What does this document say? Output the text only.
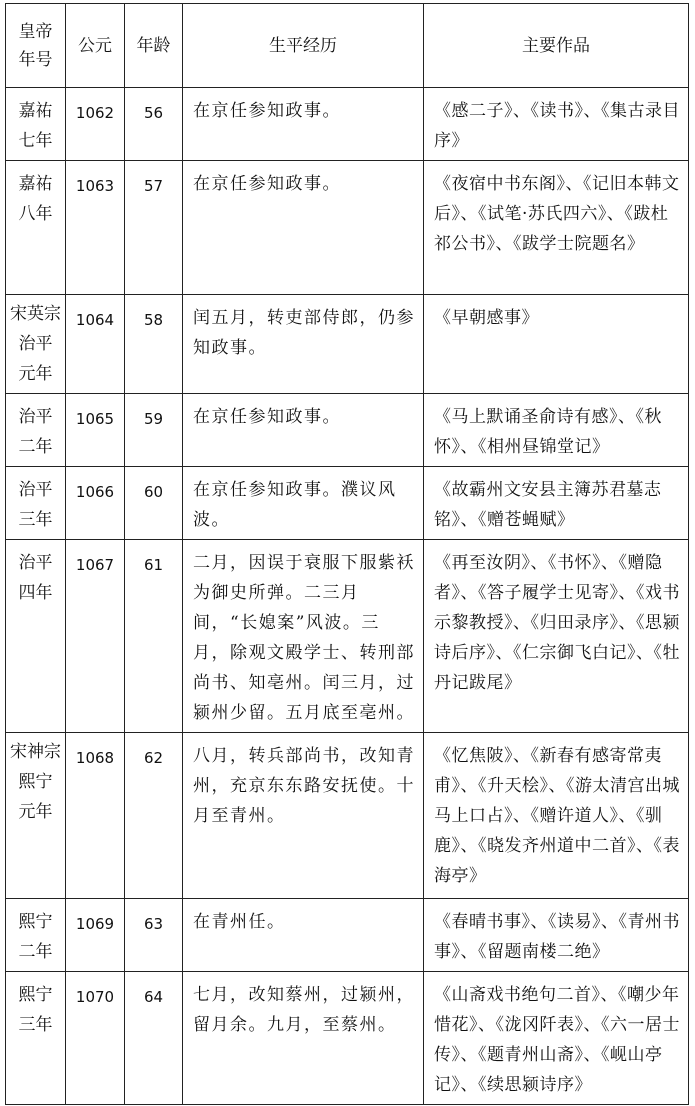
皇帝
年号	公元	年龄	生平经历	主要作品
嘉祐
七年	1062	56	在京任参知政事。	《感二子》、《读书》、《集古录目序》
嘉祐
八年	1063	57	在京任参知政事。	《夜宿中书东阁》、《记旧本韩文后》、《试笔·苏氏四六》、《跋杜祁公书》、《跋学士院题名》
宋英宗
治平
元年	1064	58	闰五月，转吏部侍郎，仍参知政事。	《早朝感事》
治平
二年	1065	59	在京任参知政事。	《马上默诵圣俞诗有感》、《秋怀》、《相州昼锦堂记》
治平
三年	1066	60	在京任参知政事。濮议风波。	《故霸州文安县主簿苏君墓志铭》、《赠苍蝇赋》
治平
四年	1067	61	二月，因误于衰服下服紫袄为御史所弹。二三月间，“长媳案”风波。三月，除观文殿学士、转刑部尚书、知亳州。闰三月，过颍州少留。五月底至亳州。	《再至汝阴》、《书怀》、《赠隐者》、《答子履学士见寄》、《戏书示黎教授》、《归田录序》、《思颍诗后序》、《仁宗御飞白记》、《牡丹记跋尾》
宋神宗
熙宁
元年	1068	62	八月，转兵部尚书，改知青州，充京东东路安抚使。十月至青州。	《忆焦陂》、《新春有感寄常夷甫》、《升天桧》、《游太清宫出城马上口占》、《赠许道人》、《驯鹿》、《晓发齐州道中二首》、《表海亭》
熙宁
二年	1069	63	在青州任。	《春晴书事》、《读易》、《青州书事》、《留题南楼二绝》
熙宁
三年	1070	64	七月，改知蔡州，过颍州，留月余。九月，至蔡州。	《山斋戏书绝句二首》、《嘲少年惜花》、《泷冈阡表》、《六一居士传》、《题青州山斋》、《岘山亭记》、《续思颍诗序》
